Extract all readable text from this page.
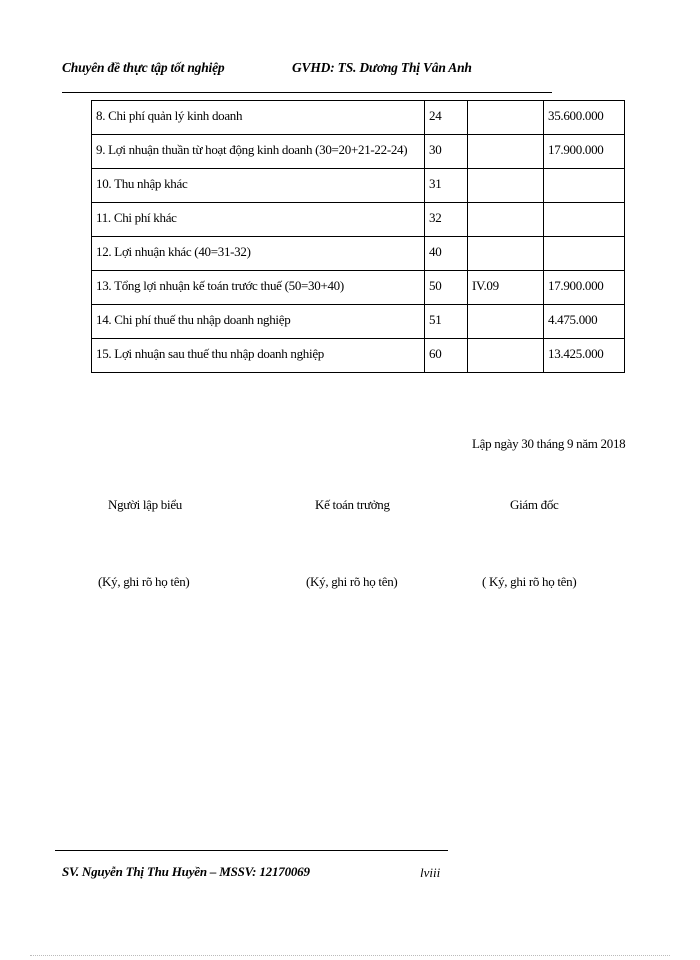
Chuyên đề thực tập tốt nghiệp	GVHD: TS. Dương Thị Vân Anh
8. Chi phí quản lý kinh doanh	24		35.600.000
9. Lợi nhuận thuần từ hoạt động kinh doanh (30=20+21-22-24)	30		17.900.000
10. Thu nhập khác	31		
11. Chi phí khác	32		
12. Lợi nhuận khác (40=31-32)	40		
13. Tổng lợi nhuận kế toán trước thuế (50=30+40)	50	IV.09	17.900.000
14. Chi phí thuế thu nhập doanh nghiệp	51		4.475.000
15. Lợi nhuận sau thuế thu nhập doanh nghiệp	60		13.425.000
Lập ngày 30 tháng 9 năm 2018
Người lập biểu	Kế toán trưởng	Giám đốc
(Ký, ghi rõ họ tên)	(Ký, ghi rõ họ tên)	( Ký, ghi rõ họ tên)
SV. Nguyễn Thị Thu Huyền – MSSV: 12170069	lviii
